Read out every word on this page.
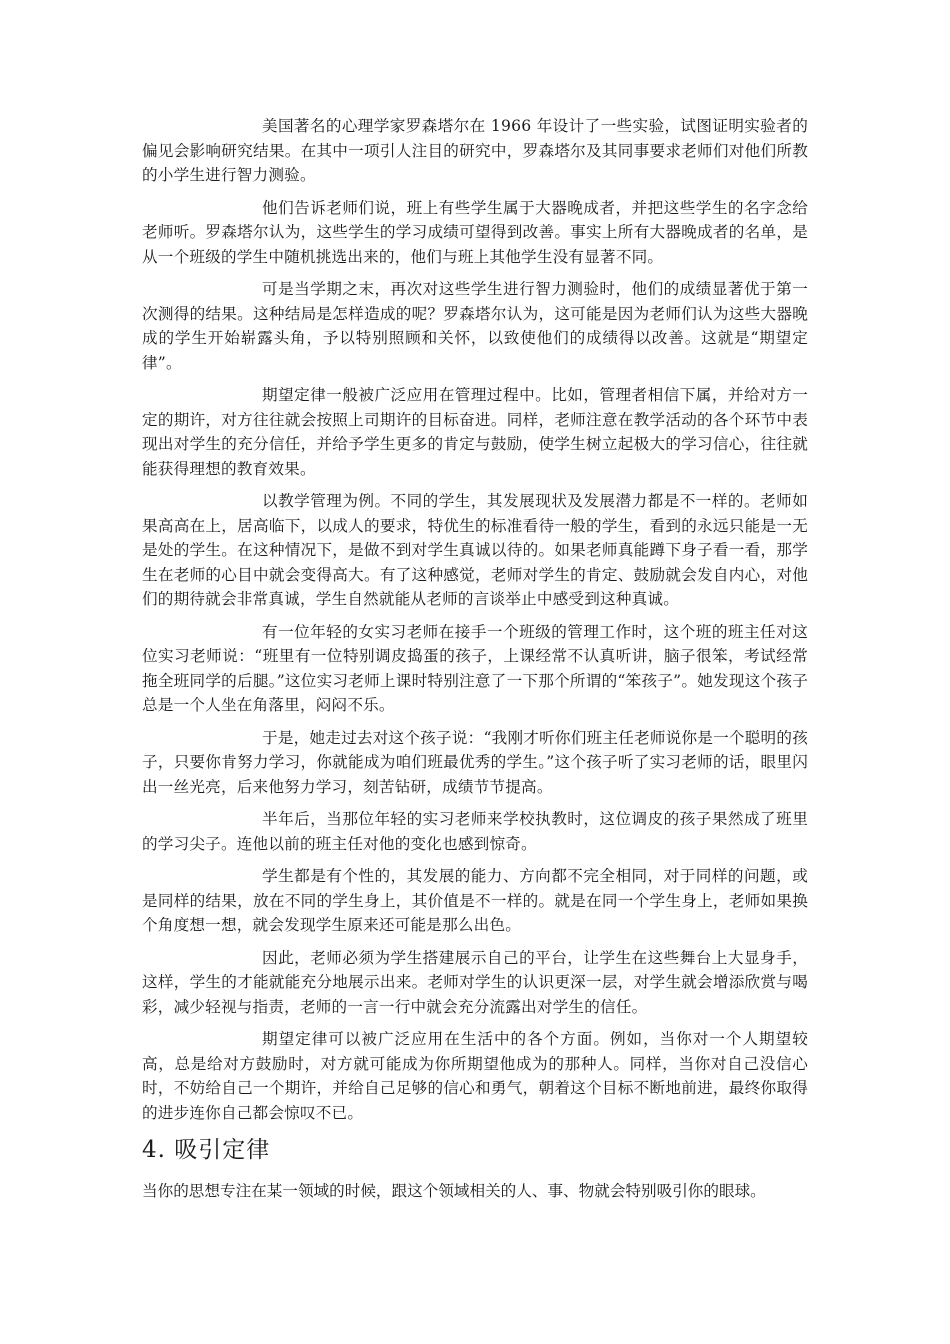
美国著名的心理学家罗森塔尔在 1966 年设计了一些实验，试图证明实验者的偏见会影响研究结果。在其中一项引人注目的研究中，罗森塔尔及其同事要求老师们对他们所教的小学生进行智力测验。

他们告诉老师们说，班上有些学生属于大器晚成者，并把这些学生的名字念给老师听。罗森塔尔认为，这些学生的学习成绩可望得到改善。事实上所有大器晚成者的名单，是从一个班级的学生中随机挑选出来的，他们与班上其他学生没有显著不同。

可是当学期之末，再次对这些学生进行智力测验时，他们的成绩显著优于第一次测得的结果。这种结局是怎样造成的呢？罗森塔尔认为，这可能是因为老师们认为这些大器晚成的学生开始崭露头角，予以特别照顾和关怀，以致使他们的成绩得以改善。这就是“期望定律”。

期望定律一般被广泛应用在管理过程中。比如，管理者相信下属，并给对方一定的期许，对方往往就会按照上司期许的目标奋进。同样，老师注意在教学活动的各个环节中表现出对学生的充分信任，并给予学生更多的肯定与鼓励，使学生树立起极大的学习信心，往往就能获得理想的教育效果。

以教学管理为例。不同的学生，其发展现状及发展潜力都是不一样的。老师如果高高在上，居高临下，以成人的要求，特优生的标准看待一般的学生，看到的永远只能是一无是处的学生。在这种情况下，是做不到对学生真诚以待的。如果老师真能蹲下身子看一看，那学生在老师的心目中就会变得高大。有了这种感觉，老师对学生的肯定、鼓励就会发自内心，对他们的期待就会非常真诚，学生自然就能从老师的言谈举止中感受到这种真诚。

有一位年轻的女实习老师在接手一个班级的管理工作时，这个班的班主任对这位实习老师说：“班里有一位特别调皮捣蛋的孩子，上课经常不认真听讲，脑子很笨，考试经常拖全班同学的后腿。”这位实习老师上课时特别注意了一下那个所谓的“笨孩子”。她发现这个孩子总是一个人坐在角落里，闷闷不乐。

于是，她走过去对这个孩子说：“我刚才听你们班主任老师说你是一个聪明的孩子，只要你肯努力学习，你就能成为咱们班最优秀的学生。”这个孩子听了实习老师的话，眼里闪出一丝光亮，后来他努力学习，刻苦钻研，成绩节节提高。

半年后，当那位年轻的实习老师来学校执教时，这位调皮的孩子果然成了班里的学习尖子。连他以前的班主任对他的变化也感到惊奇。

学生都是有个性的，其发展的能力、方向都不完全相同，对于同样的问题，或是同样的结果，放在不同的学生身上，其价值是不一样的。就是在同一个学生身上，老师如果换个角度想一想，就会发现学生原来还可能是那么出色。

因此，老师必须为学生搭建展示自己的平台，让学生在这些舞台上大显身手，这样，学生的才能就能充分地展示出来。老师对学生的认识更深一层，对学生就会增添欣赏与喝彩，减少轻视与指责，老师的一言一行中就会充分流露出对学生的信任。

期望定律可以被广泛应用在生活中的各个方面。例如，当你对一个人期望较高，总是给对方鼓励时，对方就可能成为你所期望他成为的那种人。同样，当你对自己没信心时，不妨给自己一个期许，并给自己足够的信心和勇气，朝着这个目标不断地前进，最终你取得的进步连你自己都会惊叹不已。

4. 吸引定律

当你的思想专注在某一领域的时候，跟这个领域相关的人、事、物就会特别吸引你的眼球。
